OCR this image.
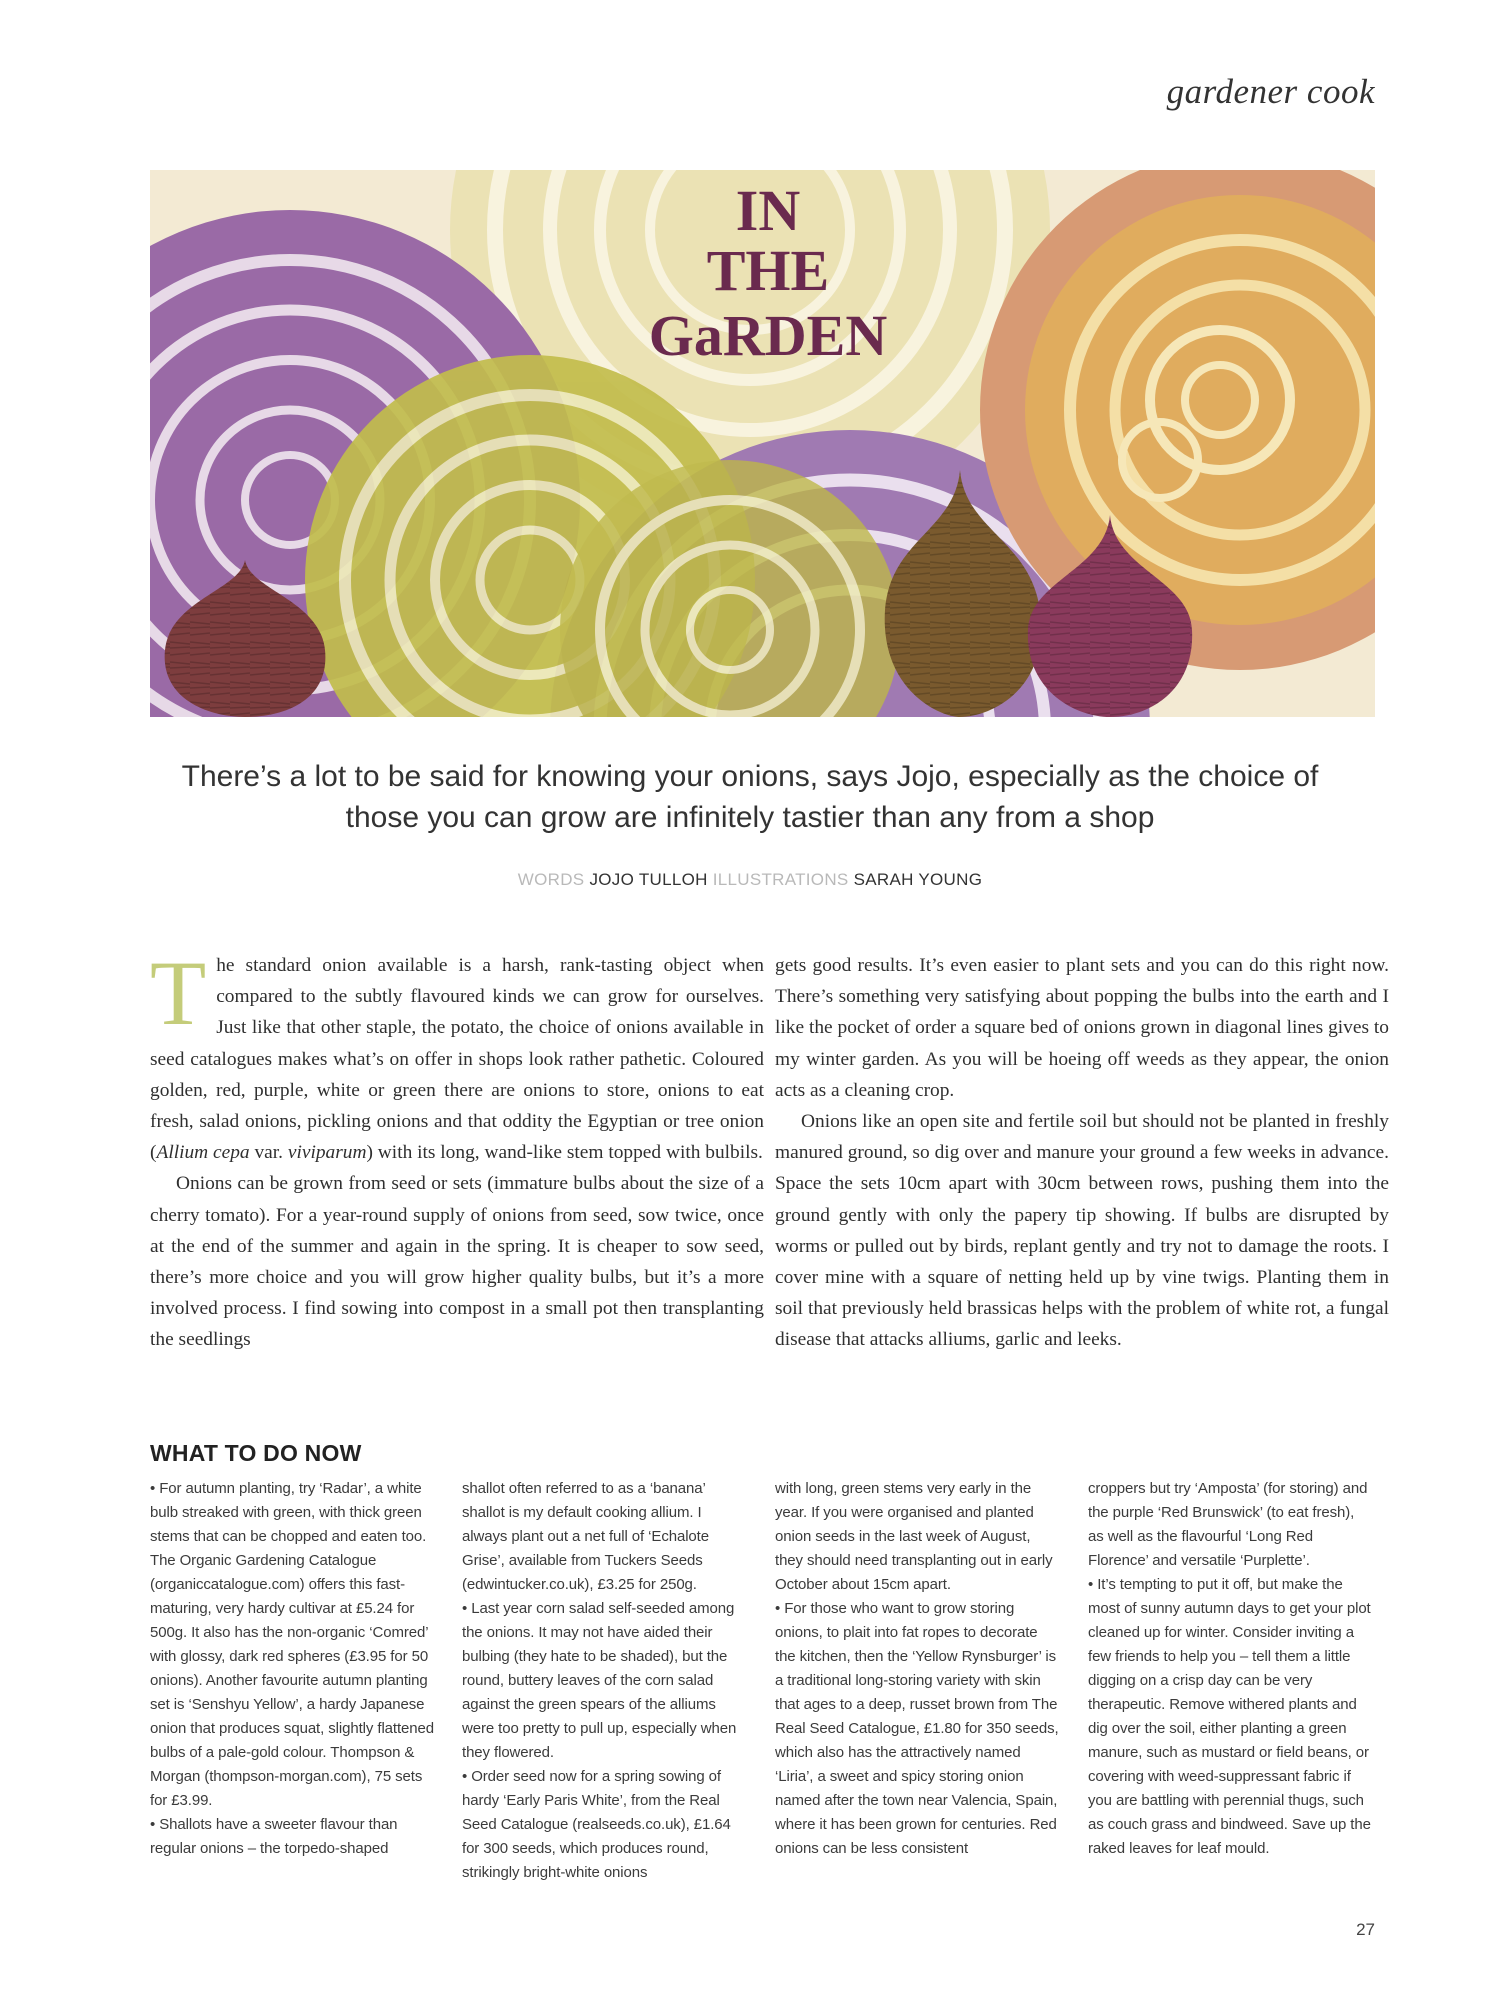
gardener cook
IN
THE
GaRDEN
There’s a lot to be said for knowing your onions, says Jojo, especially as the choice of those you can grow are infinitely tastier than any from a shop
WORDS JOJO TULLOH ILLUSTRATIONS SARAH YOUNG

The standard onion available is a harsh, rank-tasting object when compared to the subtly flavoured kinds we can grow for ourselves. Just like that other staple, the potato, the choice of onions available in seed catalogues makes what’s on offer in shops look rather pathetic. Coloured golden, red, purple, white or green there are onions to store, onions to eat fresh, salad onions, pickling onions and that oddity the Egyptian or tree onion (Allium cepa var. viviparum) with its long, wand-like stem topped with bulbils.

Onions can be grown from seed or sets (immature bulbs about the size of a cherry tomato). For a year-round supply of onions from seed, sow twice, once at the end of the summer and again in the spring. It is cheaper to sow seed, there’s more choice and you will grow higher quality bulbs, but it’s a more involved process. I find sowing into compost in a small pot then transplanting the seedlings

gets good results. It’s even easier to plant sets and you can do this right now. There’s something very satisfying about popping the bulbs into the earth and I like the pocket of order a square bed of onions grown in diagonal lines gives to my winter garden. As you will be hoeing off weeds as they appear, the onion acts as a cleaning crop.

Onions like an open site and fertile soil but should not be planted in freshly manured ground, so dig over and manure your ground a few weeks in advance. Space the sets 10cm apart with 30cm between rows, pushing them into the ground gently with only the papery tip showing. If bulbs are disrupted by worms or pulled out by birds, replant gently and try not to damage the roots. I cover mine with a square of netting held up by vine twigs. Planting them in soil that previously held brassicas helps with the problem of white rot, a fungal disease that attacks alliums, garlic and leeks.

WHAT TO DO NOW

• For autumn planting, try ‘Radar’, a white bulb streaked with green, with thick green stems that can be chopped and eaten too. The Organic Gardening Catalogue (organiccatalogue.com) offers this fast-maturing, very hardy cultivar at £5.24 for 500g. It also has the non-organic ‘Comred’ with glossy, dark red spheres (£3.95 for 50 onions). Another favourite autumn planting set is ‘Senshyu Yellow’, a hardy Japanese onion that produces squat, slightly flattened bulbs of a pale-gold colour. Thompson & Morgan (thompson-morgan.com), 75 sets for £3.99.

• Shallots have a sweeter flavour than regular onions – the torpedo-shaped

shallot often referred to as a ‘banana’ shallot is my default cooking allium. I always plant out a net full of ‘Echalote Grise’, available from Tuckers Seeds (edwintucker.co.uk), £3.25 for 250g.

• Last year corn salad self-seeded among the onions. It may not have aided their bulbing (they hate to be shaded), but the round, buttery leaves of the corn salad against the green spears of the alliums were too pretty to pull up, especially when they flowered.

• Order seed now for a spring sowing of hardy ‘Early Paris White’, from the Real Seed Catalogue (realseeds.co.uk), £1.64 for 300 seeds, which produces round, strikingly bright-white onions

with long, green stems very early in the year. If you were organised and planted onion seeds in the last week of August, they should need transplanting out in early October about 15cm apart.

• For those who want to grow storing onions, to plait into fat ropes to decorate the kitchen, then the ‘Yellow Rynsburger’ is a traditional long-storing variety with skin that ages to a deep, russet brown from The Real Seed Catalogue, £1.80 for 350 seeds, which also has the attractively named ‘Liria’, a sweet and spicy storing onion named after the town near Valencia, Spain, where it has been grown for centuries. Red onions can be less consistent

croppers but try ‘Amposta’ (for storing) and the purple ‘Red Brunswick’ (to eat fresh), as well as the flavourful ‘Long Red Florence’ and versatile ‘Purplette’.

• It’s tempting to put it off, but make the most of sunny autumn days to get your plot cleaned up for winter. Consider inviting a few friends to help you – tell them a little digging on a crisp day can be very therapeutic. Remove withered plants and dig over the soil, either planting a green manure, such as mustard or field beans, or covering with weed-suppressant fabric if you are battling with perennial thugs, such as couch grass and bindweed. Save up the raked leaves for leaf mould.

27
